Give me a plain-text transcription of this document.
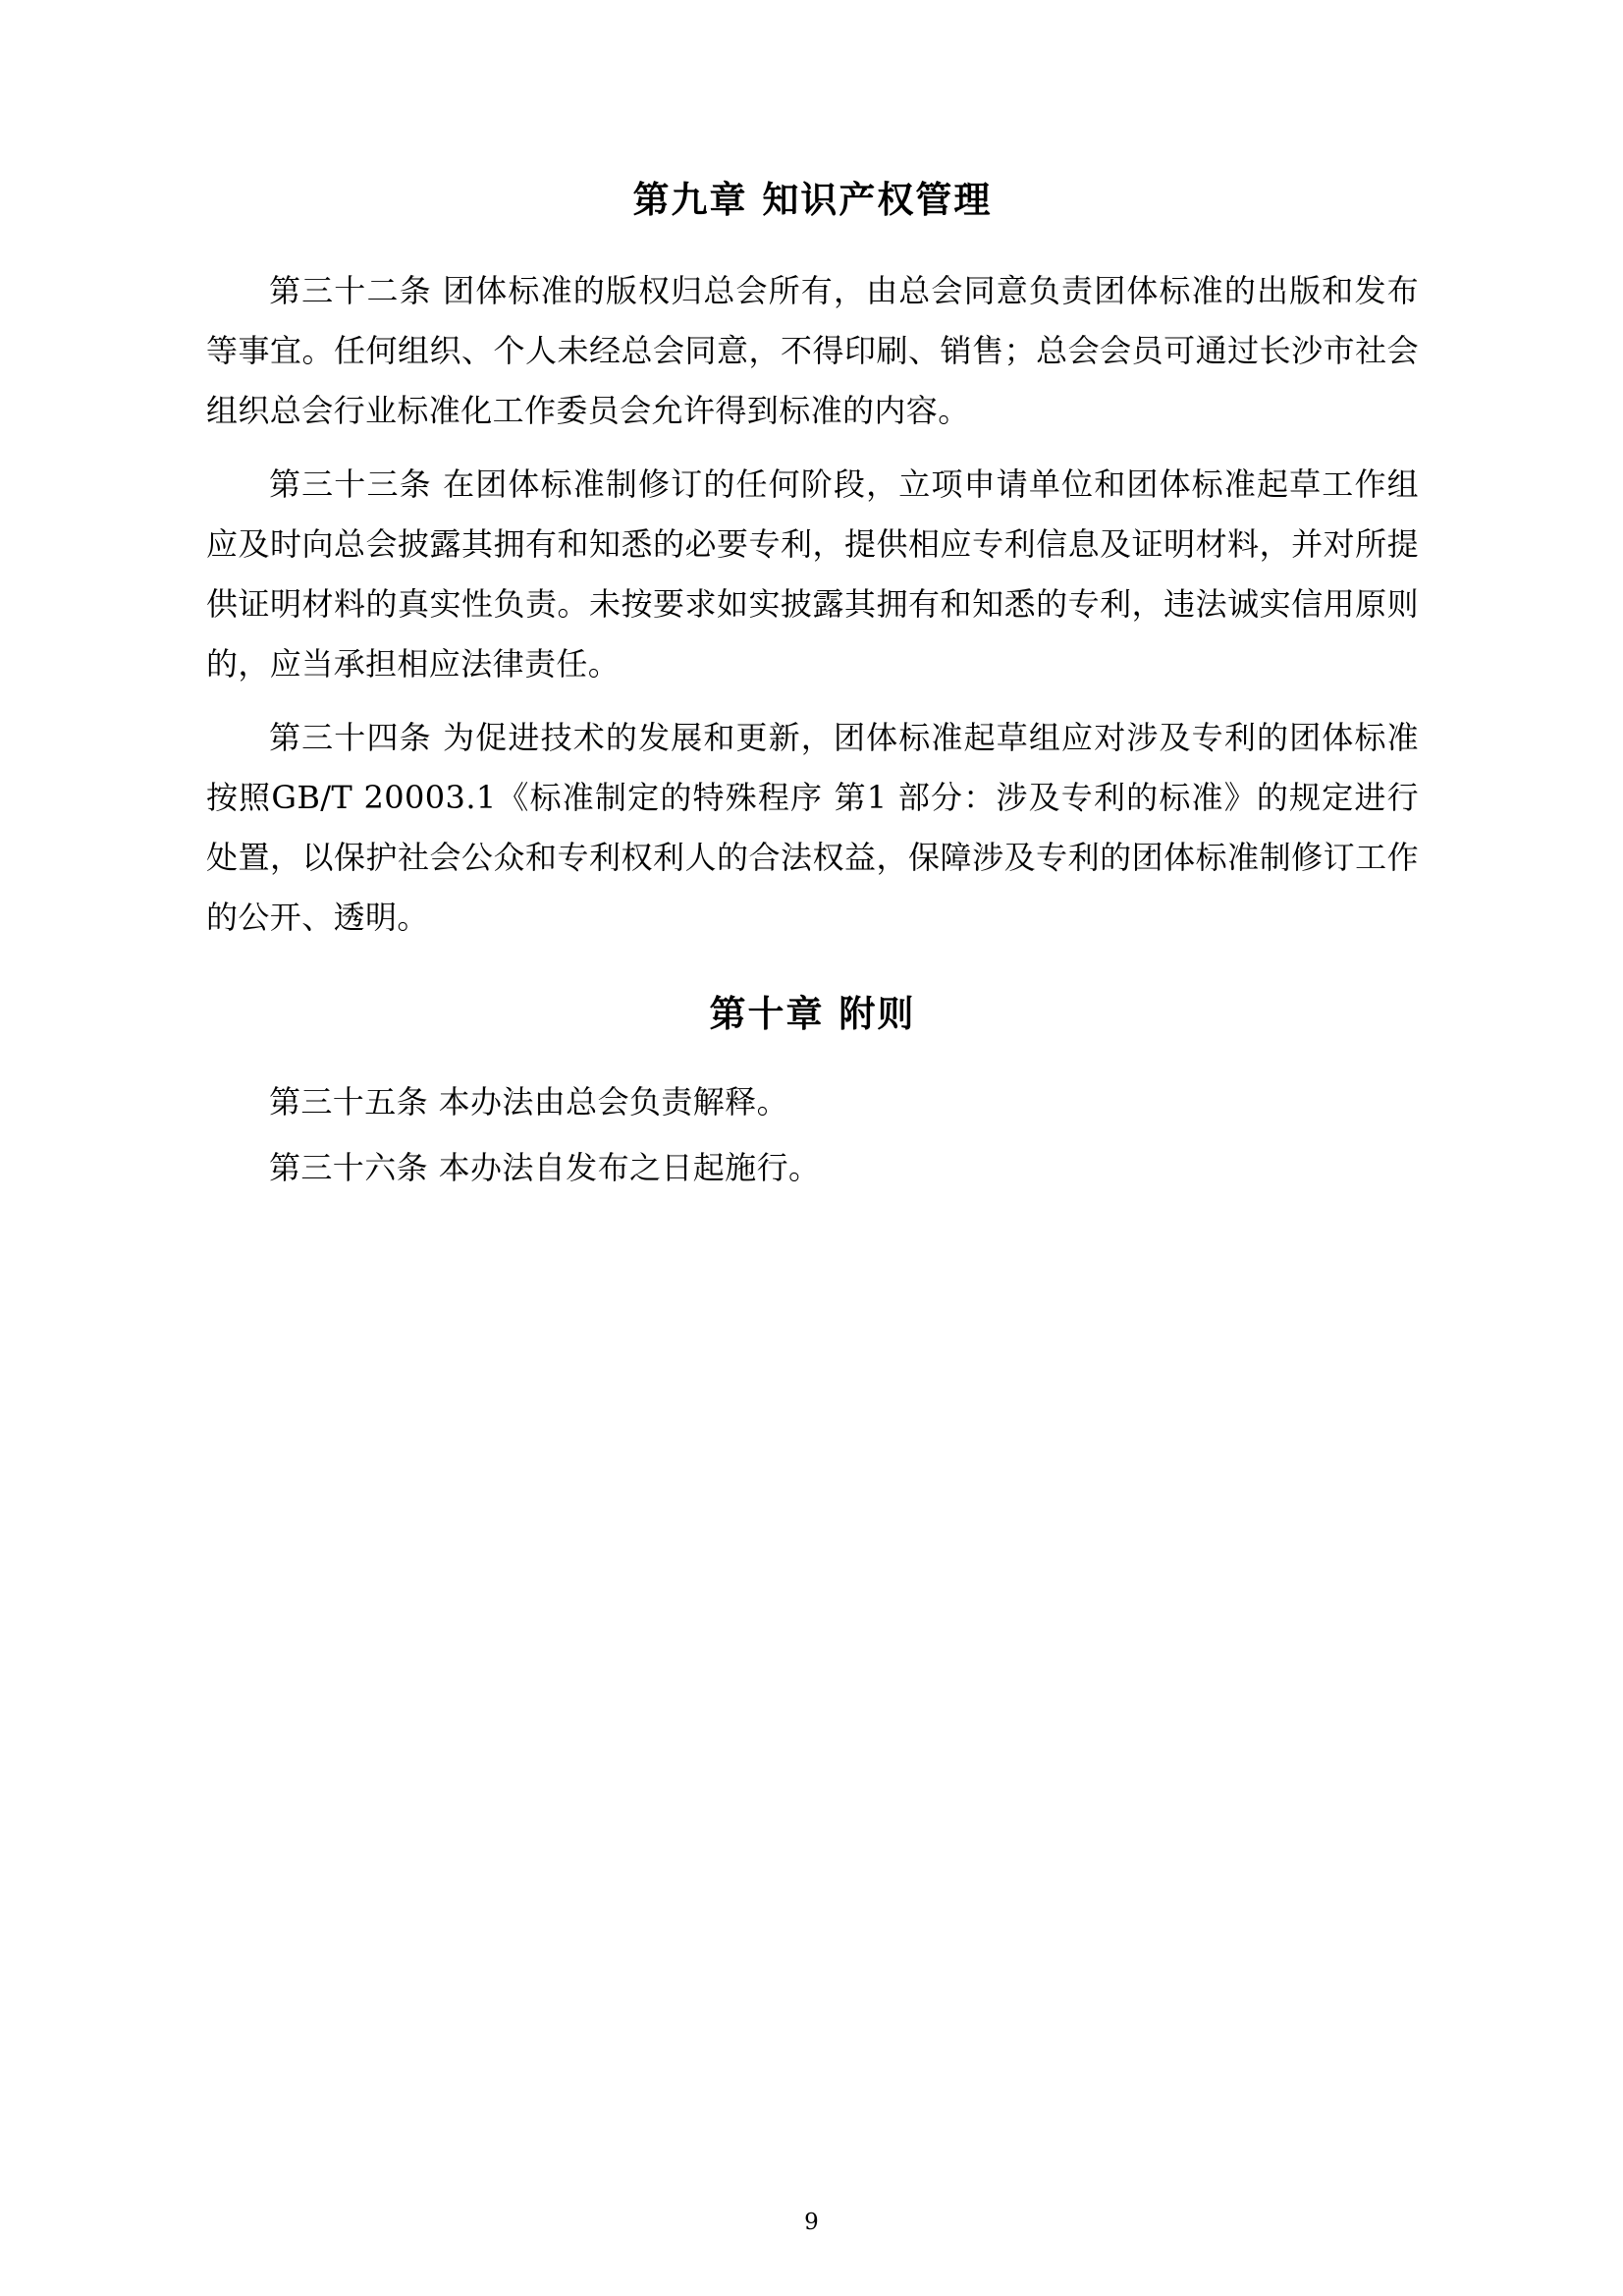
第九章 知识产权管理

第三十二条 团体标准的版权归总会所有，由总会同意负责团体标准的出版和发布等事宜。任何组织、个人未经总会同意，不得印刷、销售；总会会员可通过长沙市社会组织总会行业标准化工作委员会允许得到标准的内容。

第三十三条 在团体标准制修订的任何阶段，立项申请单位和团体标准起草工作组应及时向总会披露其拥有和知悉的必要专利，提供相应专利信息及证明材料，并对所提供证明材料的真实性负责。未按要求如实披露其拥有和知悉的专利，违法诚实信用原则的，应当承担相应法律责任。

第三十四条 为促进技术的发展和更新，团体标准起草组应对涉及专利的团体标准按照GB/T 20003.1《标准制定的特殊程序 第1 部分：涉及专利的标准》的规定进行处置，以保护社会公众和专利权利人的合法权益，保障涉及专利的团体标准制修订工作的公开、透明。

第十章 附则

第三十五条 本办法由总会负责解释。

第三十六条 本办法自发布之日起施行。

9
